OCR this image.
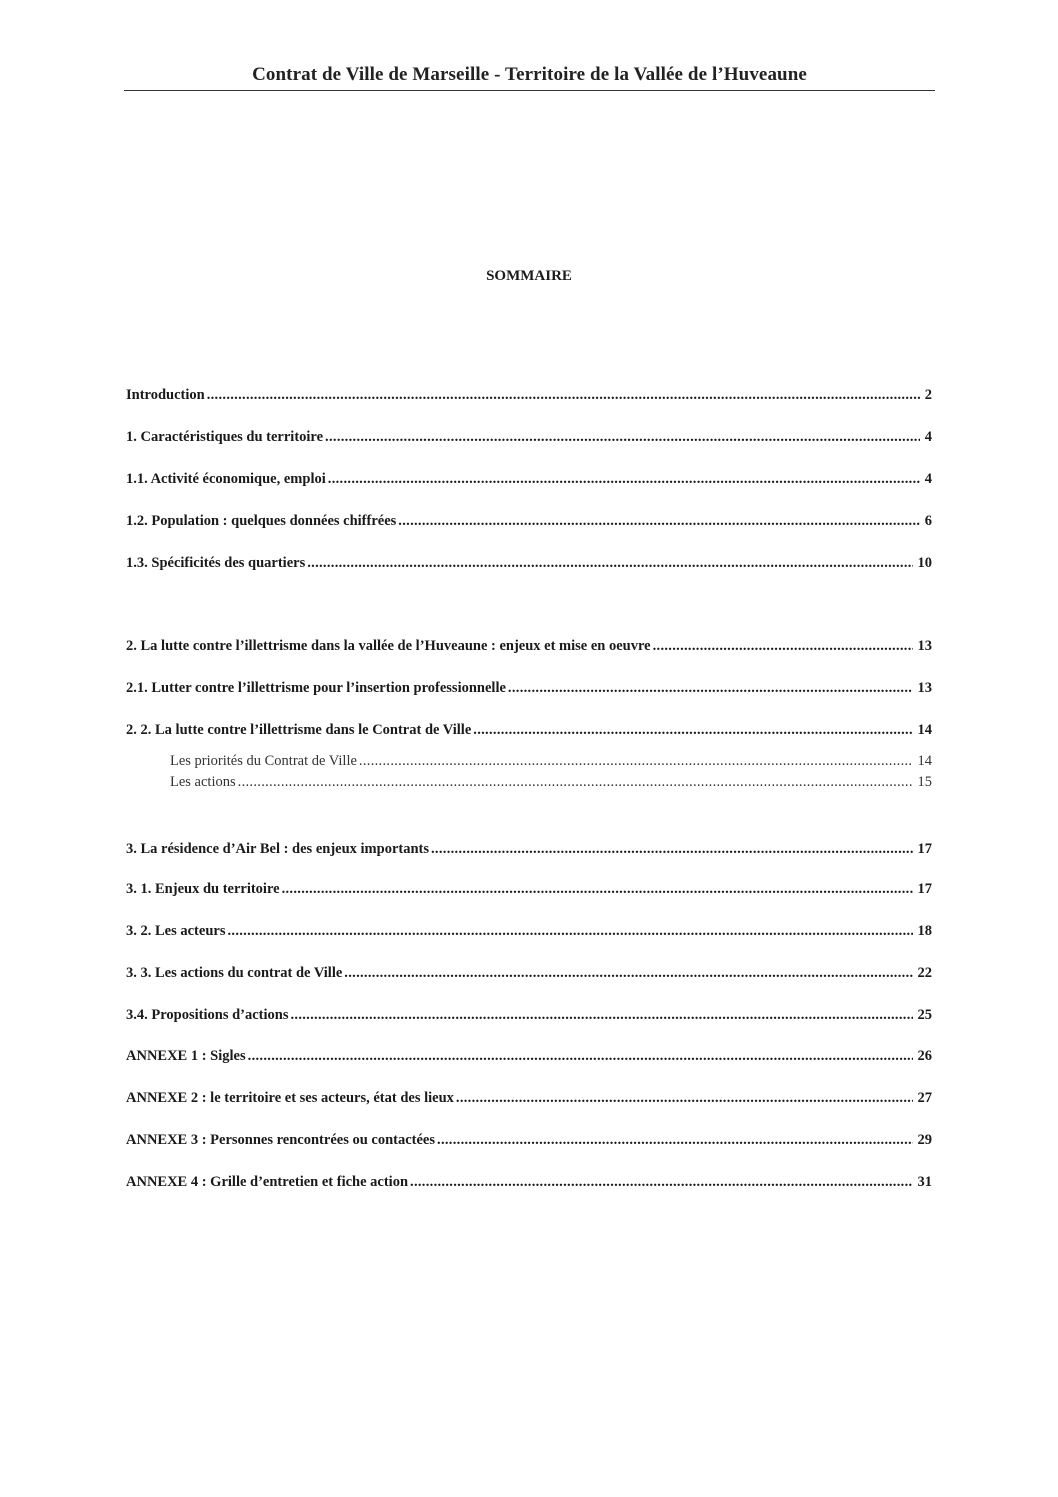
Contrat de Ville de Marseille - Territoire de la Vallée de l’Huveaune
SOMMAIRE
Introduction .....	2
1. Caractéristiques du territoire .....	4
1.1. Activité économique, emploi .....	4
1.2. Population : quelques données chiffrées .....	6
1.3. Spécificités des quartiers .....	10
2. La lutte contre l’illettrisme dans la vallée de l’Huveaune : enjeux et mise en oeuvre .....	13
2.1. Lutter contre l’illettrisme pour l’insertion professionnelle .....	13
2. 2. La lutte contre l’illettrisme dans le Contrat de Ville .....	14
Les priorités du Contrat de Ville .....	14
Les actions .....	15
3. La résidence d’Air Bel : des enjeux importants .....	17
3. 1. Enjeux du territoire .....	17
3. 2. Les acteurs .....	18
3. 3. Les actions du contrat de Ville .....	22
3.4. Propositions d’actions .....	25
ANNEXE 1 : Sigles .....	26
ANNEXE 2 : le territoire et ses acteurs, état des lieux .....	27
ANNEXE 3 : Personnes rencontrées ou contactées .....	29
ANNEXE 4 : Grille d’entretien et fiche action .....	31
